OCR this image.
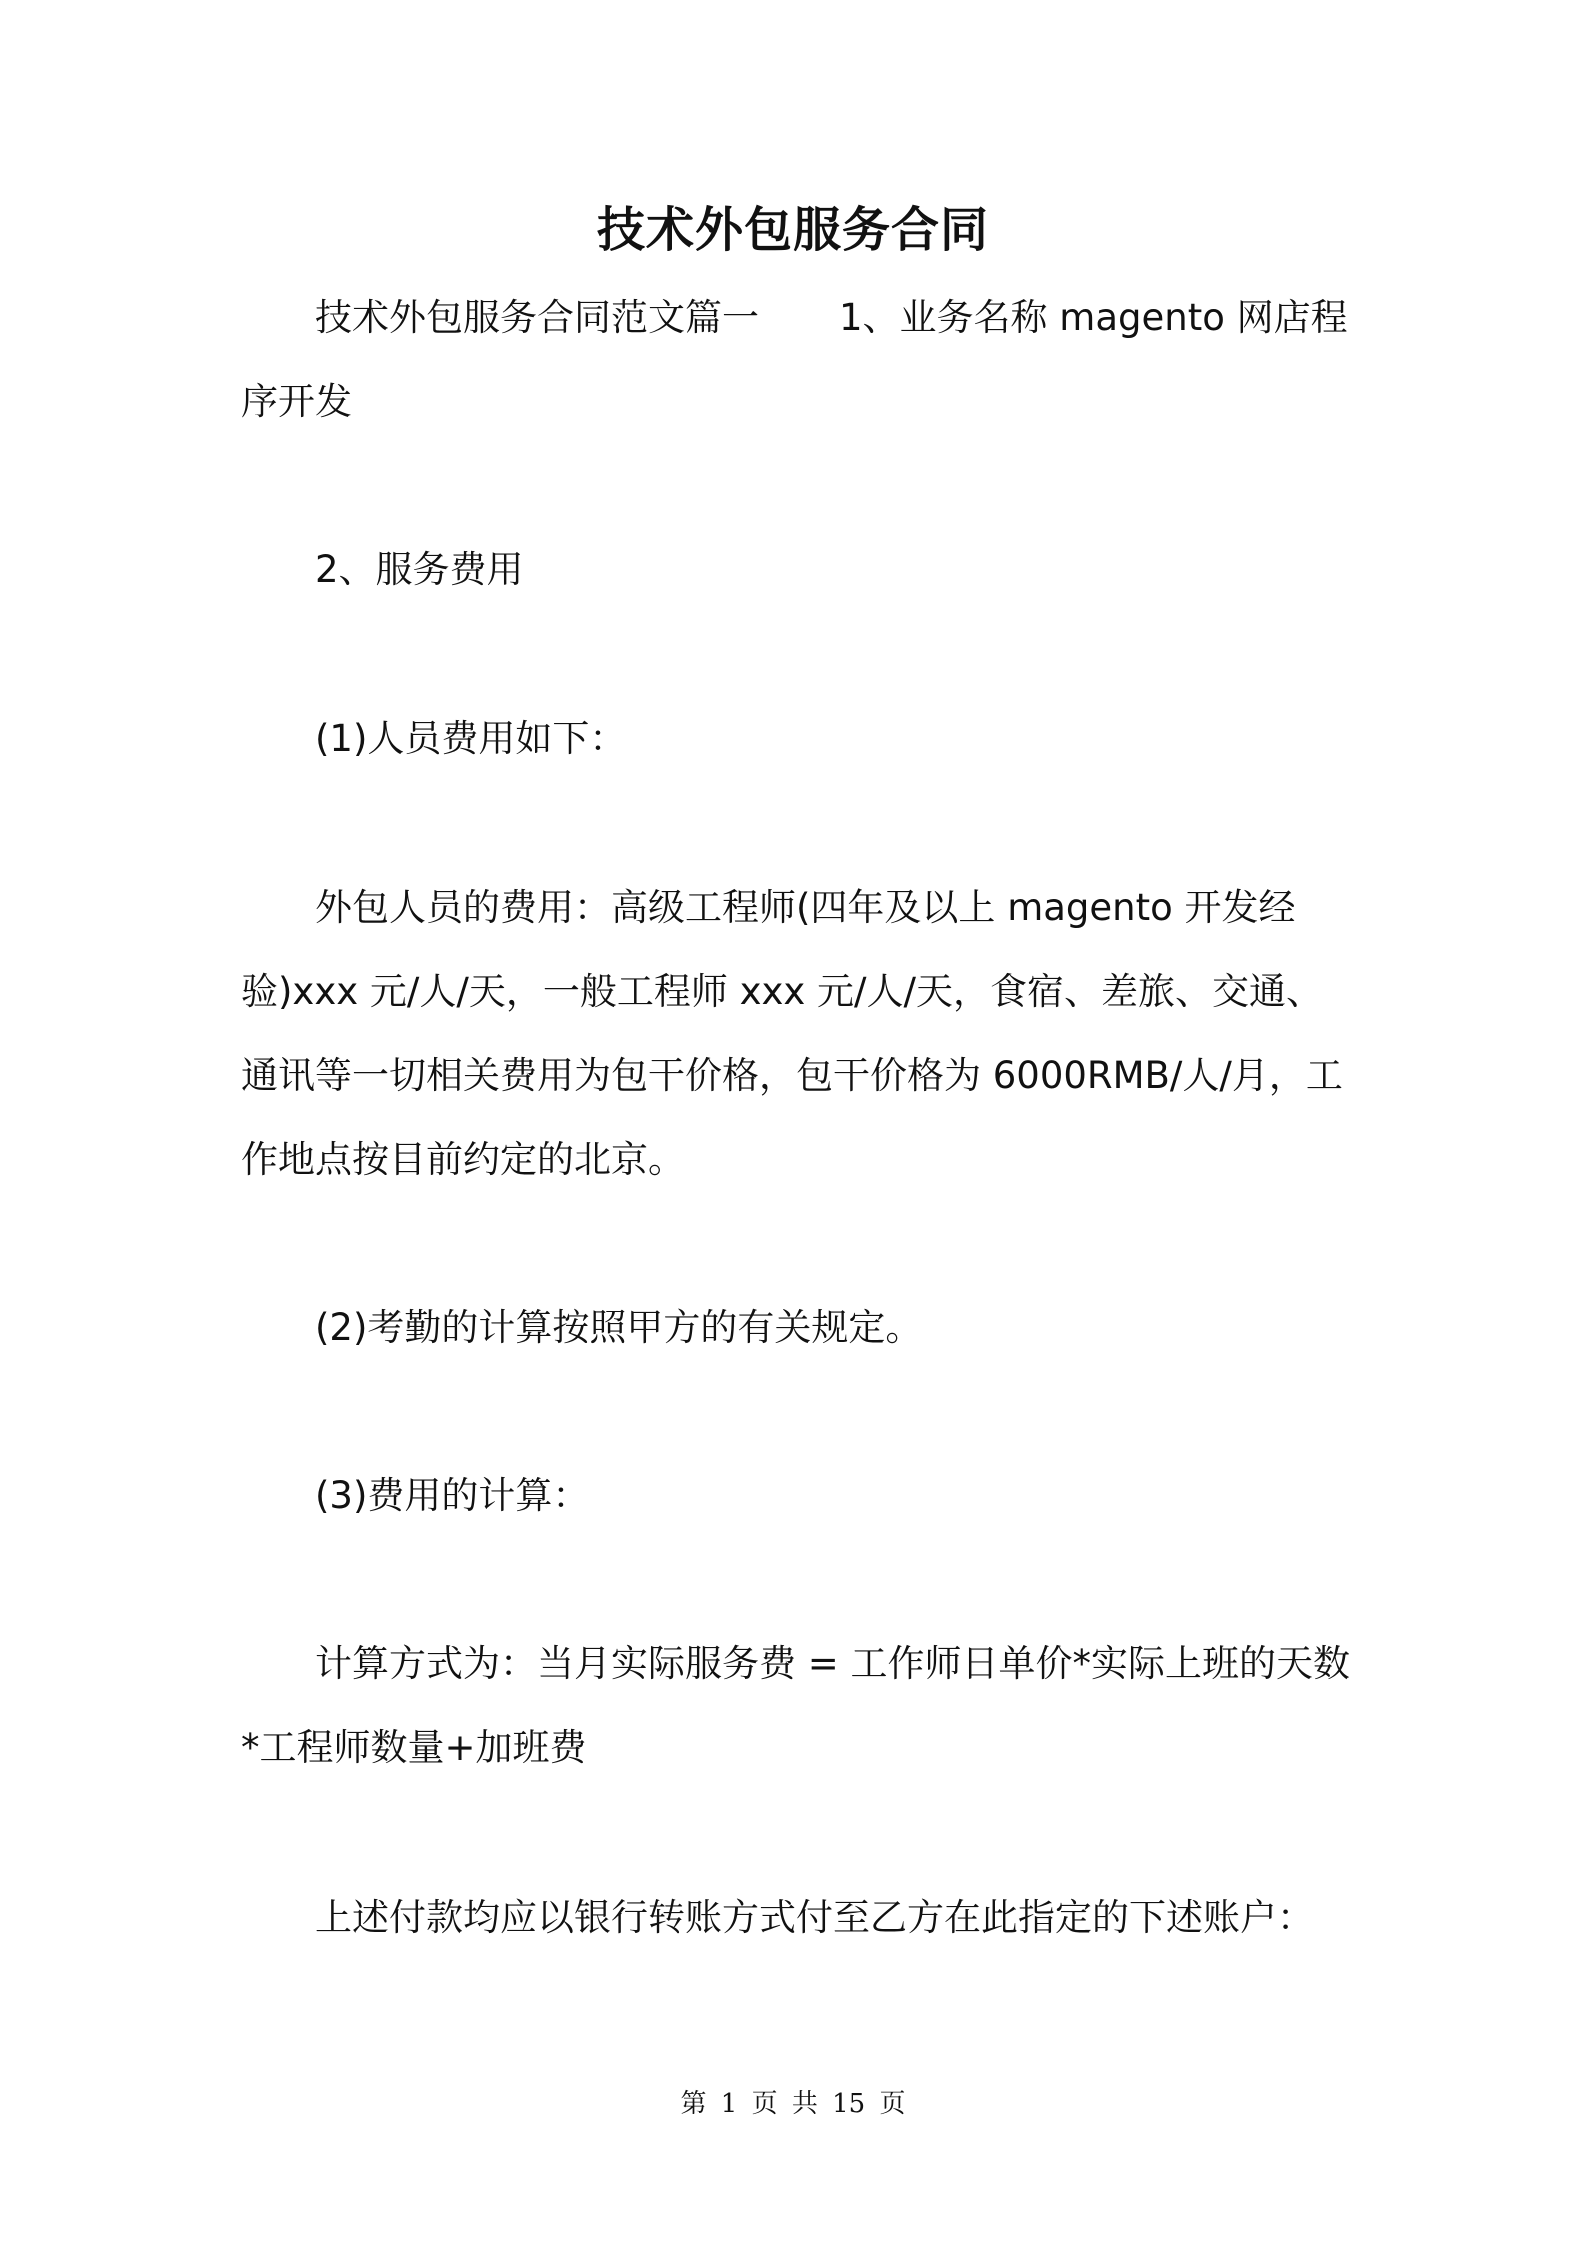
技术外包服务合同

技术外包服务合同范文篇一 1、业务名称 magento 网店程序开发

2、服务费用

(1)人员费用如下：

外包人员的费用：高级工程师(四年及以上 magento 开发经验)xxx 元/人/天，一般工程师 xxx 元/人/天，食宿、差旅、交通、通讯等一切相关费用为包干价格，包干价格为 6000RMB/人/月，工作地点按目前约定的北京。

(2)考勤的计算按照甲方的有关规定。

(3)费用的计算：

计算方式为：当月实际服务费 = 工作师日单价*实际上班的天数*工程师数量+加班费

上述付款均应以银行转账方式付至乙方在此指定的下述账户：

第 1 页 共 15 页
